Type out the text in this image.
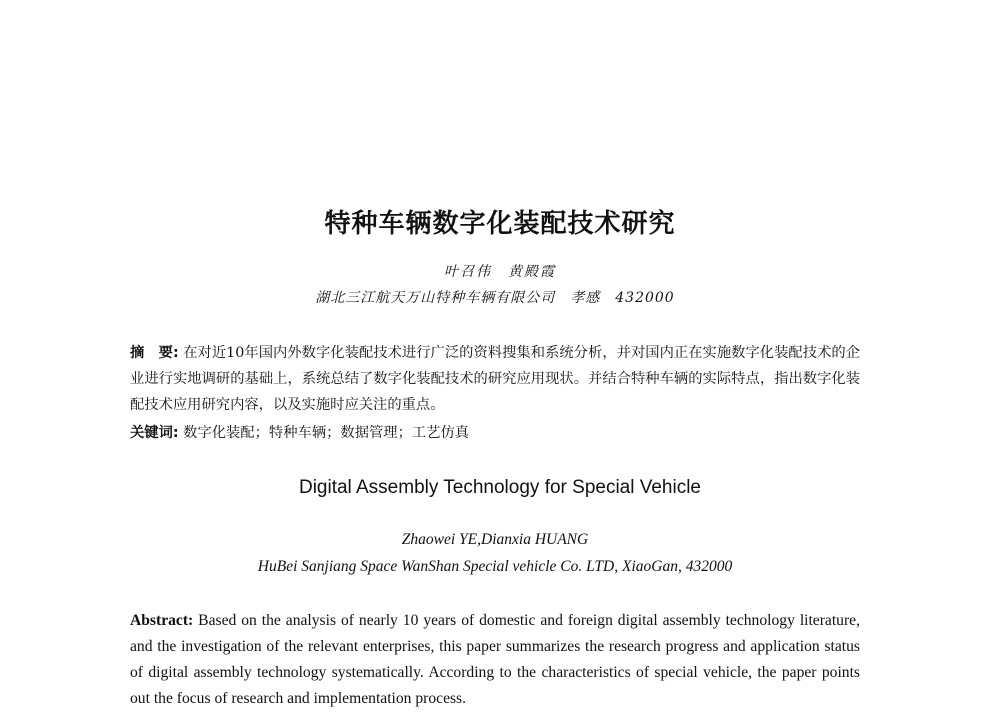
特种车辆数字化装配技术研究
叶召伟　黄殿霞
湖北三江航天万山特种车辆有限公司　孝感　432000
摘　要: 在对近10年国内外数字化装配技术进行广泛的资料搜集和系统分析，并对国内正在实施数字化装配技术的企业进行实地调研的基础上，系统总结了数字化装配技术的研究应用现状。并结合特种车辆的实际特点，指出数字化装配技术应用研究内容，以及实施时应关注的重点。
关键词: 数字化装配；特种车辆；数据管理；工艺仿真
Digital Assembly Technology for Special Vehicle
Zhaowei YE,Dianxia HUANG
HuBei Sanjiang Space WanShan Special vehicle Co. LTD, XiaoGan, 432000
Abstract: Based on the analysis of nearly 10 years of domestic and foreign digital assembly technology literature, and the investigation of the relevant enterprises, this paper summarizes the research progress and application status of digital assembly technology systematically. According to the characteristics of special vehicle, the paper points out the focus of research and implementation process.
